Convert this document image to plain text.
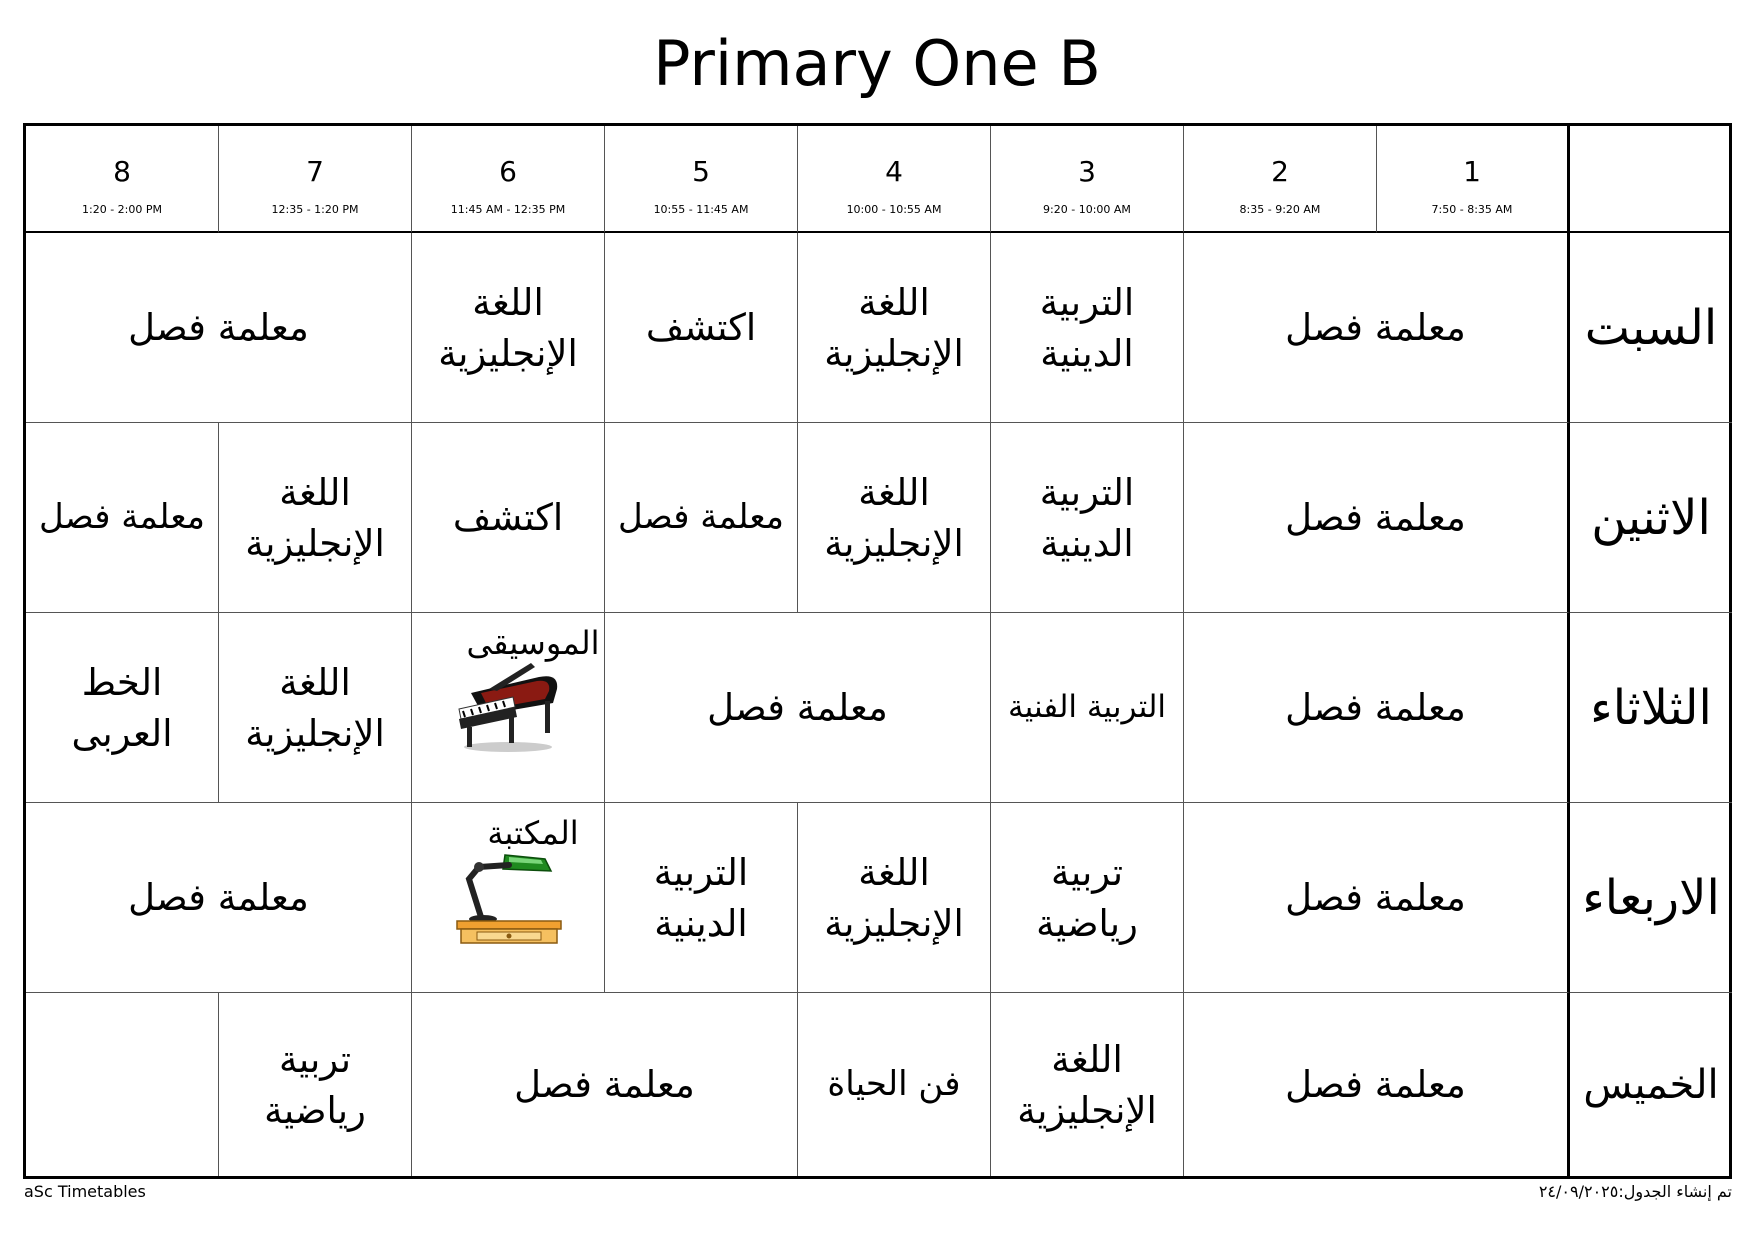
Primary One B
8
1:20 - 2:00 PM
7
12:35 - 1:20 PM
6
11:45 AM - 12:35 PM
5
10:55 - 11:45 AM
4
10:00 - 10:55 AM
3
9:20 - 10:00 AM
2
8:35 - 9:20 AM
1
7:50 - 8:35 AM
السبت
معلمة فصل
التربية
الدينية
اللغة
الإنجليزية
اكتشف
اللغة
الإنجليزية
معلمة فصل
الاثنين
معلمة فصل
التربية
الدينية
اللغة
الإنجليزية
معلمة فصل
اكتشف
اللغة
الإنجليزية
معلمة فصل
الثلاثاء
معلمة فصل
التربية الفنية
معلمة فصل
الموسيقى
اللغة
الإنجليزية
الخط
العربى
الاربعاء
معلمة فصل
تربية
رياضية
اللغة
الإنجليزية
التربية
الدينية
المكتبة
معلمة فصل
الخميس
معلمة فصل
اللغة
الإنجليزية
فن الحياة
معلمة فصل
تربية
رياضية
aSc Timetables	تم إنشاء الجدول:٢٤/٠٩/٢٠٢٥
